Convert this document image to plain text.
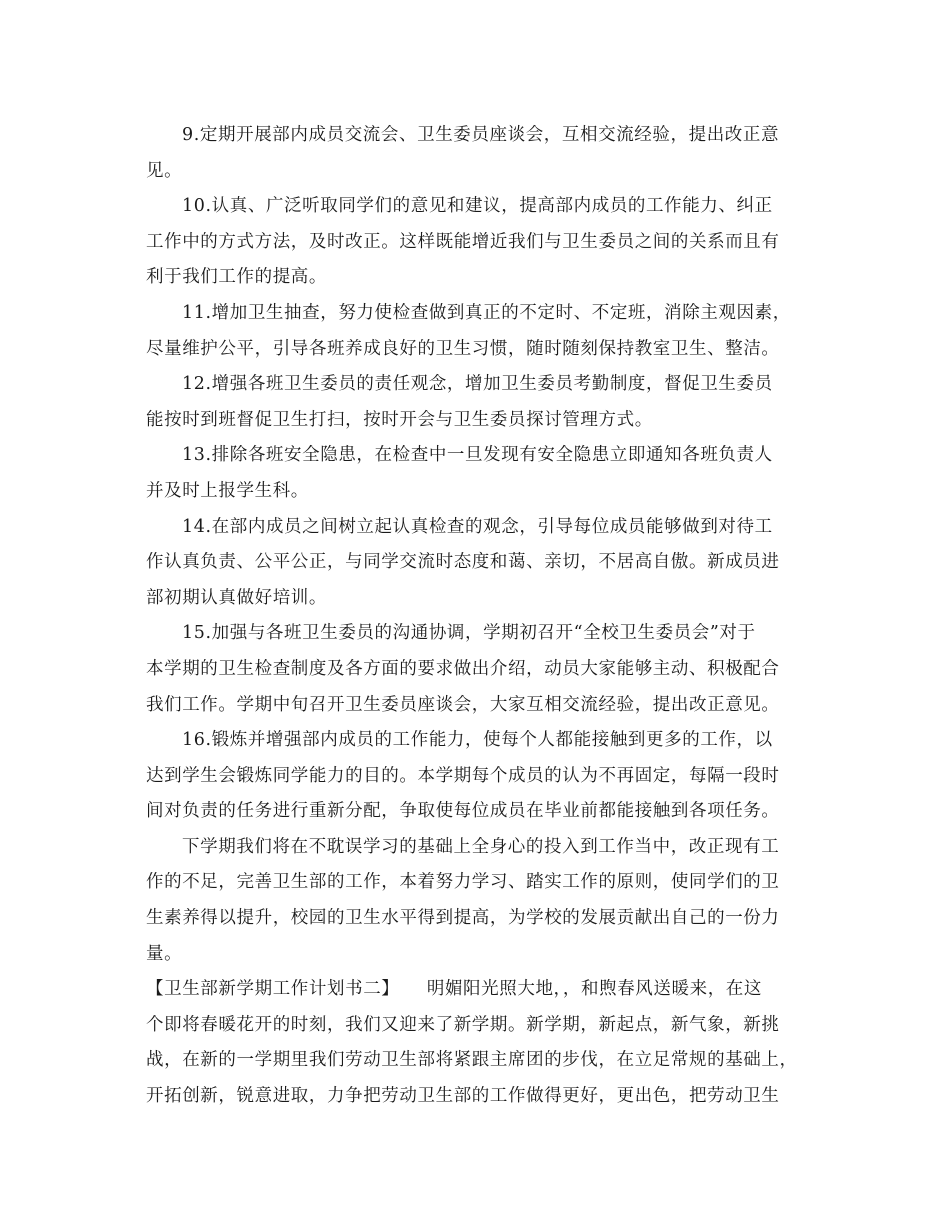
9.定期开展部内成员交流会、卫生委员座谈会，互相交流经验，提出改正意
见。
10.认真、广泛听取同学们的意见和建议，提高部内成员的工作能力、纠正
工作中的方式方法，及时改正。这样既能增近我们与卫生委员之间的关系而且有
利于我们工作的提高。
11.增加卫生抽查，努力使检查做到真正的不定时、不定班，消除主观因素，
尽量维护公平，引导各班养成良好的卫生习惯，随时随刻保持教室卫生、整洁。
12.增强各班卫生委员的责任观念，增加卫生委员考勤制度，督促卫生委员
能按时到班督促卫生打扫，按时开会与卫生委员探讨管理方式。
13.排除各班安全隐患，在检查中一旦发现有安全隐患立即通知各班负责人
并及时上报学生科。
14.在部内成员之间树立起认真检查的观念，引导每位成员能够做到对待工
作认真负责、公平公正，与同学交流时态度和蔼、亲切，不居高自傲。新成员进
部初期认真做好培训。
15.加强与各班卫生委员的沟通协调，学期初召开“全校卫生委员会”对于
本学期的卫生检查制度及各方面的要求做出介绍，动员大家能够主动、积极配合
我们工作。学期中旬召开卫生委员座谈会，大家互相交流经验，提出改正意见。
16.锻炼并增强部内成员的工作能力，使每个人都能接触到更多的工作，以
达到学生会锻炼同学能力的目的。本学期每个成员的认为不再固定，每隔一段时
间对负责的任务进行重新分配，争取使每位成员在毕业前都能接触到各项任务。
下学期我们将在不耽误学习的基础上全身心的投入到工作当中，改正现有工
作的不足，完善卫生部的工作，本着努力学习、踏实工作的原则，使同学们的卫
生素养得以提升，校园的卫生水平得到提高，为学校的发展贡献出自己的一份力
量。
【卫生部新学期工作计划书二】　　明媚阳光照大地，，和煦春风送暖来，在这
个即将春暖花开的时刻，我们又迎来了新学期。新学期，新起点，新气象，新挑
战，在新的一学期里我们劳动卫生部将紧跟主席团的步伐，在立足常规的基础上，
开拓创新，锐意进取，力争把劳动卫生部的工作做得更好，更出色，把劳动卫生
